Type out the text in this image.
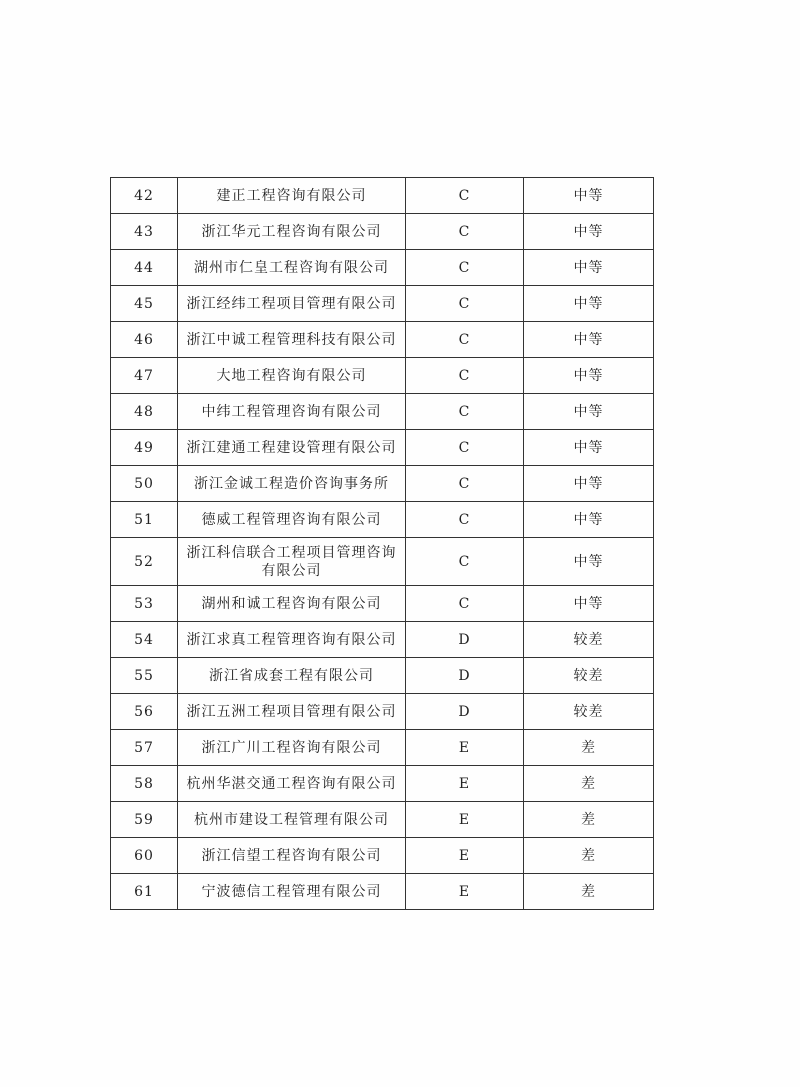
42	建正工程咨询有限公司	C	中等
43	浙江华元工程咨询有限公司	C	中等
44	湖州市仁皇工程咨询有限公司	C	中等
45	浙江经纬工程项目管理有限公司	C	中等
46	浙江中诚工程管理科技有限公司	C	中等
47	大地工程咨询有限公司	C	中等
48	中纬工程管理咨询有限公司	C	中等
49	浙江建通工程建设管理有限公司	C	中等
50	浙江金诚工程造价咨询事务所	C	中等
51	德威工程管理咨询有限公司	C	中等
52	浙江科信联合工程项目管理咨询有限公司	C	中等
53	湖州和诚工程咨询有限公司	C	中等
54	浙江求真工程管理咨询有限公司	D	较差
55	浙江省成套工程有限公司	D	较差
56	浙江五洲工程项目管理有限公司	D	较差
57	浙江广川工程咨询有限公司	E	差
58	杭州华湛交通工程咨询有限公司	E	差
59	杭州市建设工程管理有限公司	E	差
60	浙江信望工程咨询有限公司	E	差
61	宁波德信工程管理有限公司	E	差
